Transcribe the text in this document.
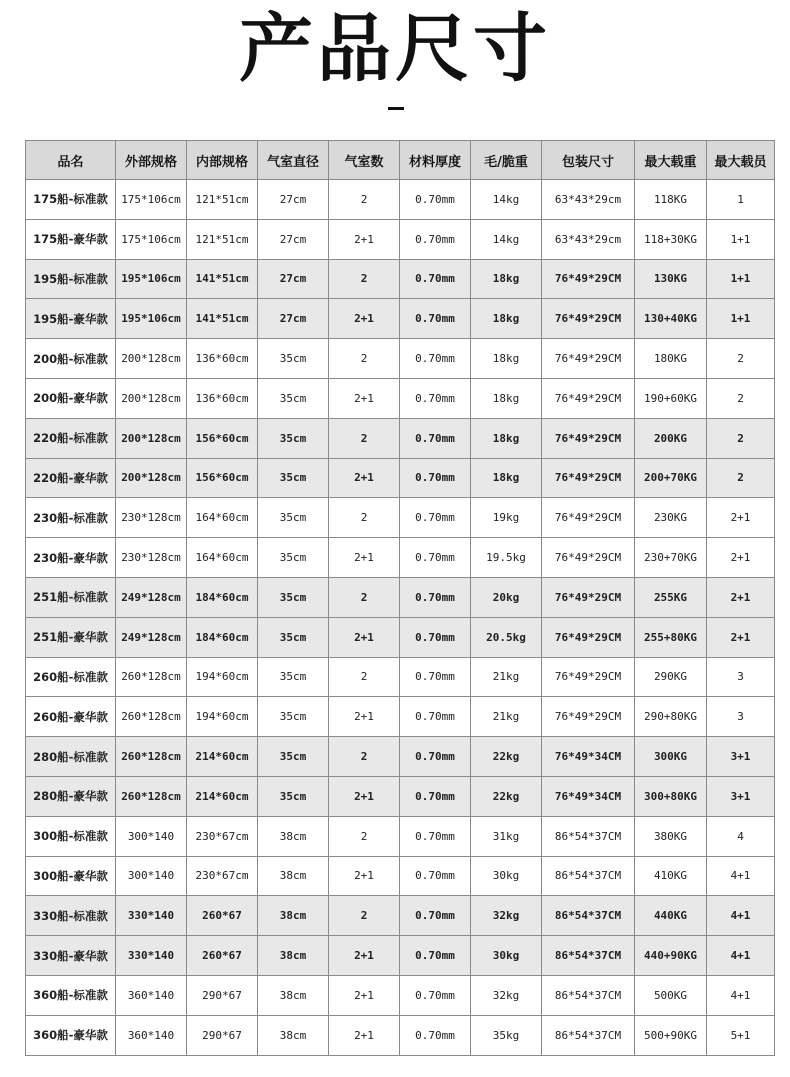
产品尺寸
品名	外部规格	内部规格	气室直径	气室数	材料厚度	毛/脆重	包装尺寸	最大载重	最大载员
175船-标准款	175*106cm	121*51cm	27cm	2	0.70mm	14kg	63*43*29cm	118KG	1
175船-豪华款	175*106cm	121*51cm	27cm	2+1	0.70mm	14kg	63*43*29cm	118+30KG	1+1
195船-标准款	195*106cm	141*51cm	27cm	2	0.70mm	18kg	76*49*29CM	130KG	1+1
195船-豪华款	195*106cm	141*51cm	27cm	2+1	0.70mm	18kg	76*49*29CM	130+40KG	1+1
200船-标准款	200*128cm	136*60cm	35cm	2	0.70mm	18kg	76*49*29CM	180KG	2
200船-豪华款	200*128cm	136*60cm	35cm	2+1	0.70mm	18kg	76*49*29CM	190+60KG	2
220船-标准款	200*128cm	156*60cm	35cm	2	0.70mm	18kg	76*49*29CM	200KG	2
220船-豪华款	200*128cm	156*60cm	35cm	2+1	0.70mm	18kg	76*49*29CM	200+70KG	2
230船-标准款	230*128cm	164*60cm	35cm	2	0.70mm	19kg	76*49*29CM	230KG	2+1
230船-豪华款	230*128cm	164*60cm	35cm	2+1	0.70mm	19.5kg	76*49*29CM	230+70KG	2+1
251船-标准款	249*128cm	184*60cm	35cm	2	0.70mm	20kg	76*49*29CM	255KG	2+1
251船-豪华款	249*128cm	184*60cm	35cm	2+1	0.70mm	20.5kg	76*49*29CM	255+80KG	2+1
260船-标准款	260*128cm	194*60cm	35cm	2	0.70mm	21kg	76*49*29CM	290KG	3
260船-豪华款	260*128cm	194*60cm	35cm	2+1	0.70mm	21kg	76*49*29CM	290+80KG	3
280船-标准款	260*128cm	214*60cm	35cm	2	0.70mm	22kg	76*49*34CM	300KG	3+1
280船-豪华款	260*128cm	214*60cm	35cm	2+1	0.70mm	22kg	76*49*34CM	300+80KG	3+1
300船-标准款	300*140	230*67cm	38cm	2	0.70mm	31kg	86*54*37CM	380KG	4
300船-豪华款	300*140	230*67cm	38cm	2+1	0.70mm	30kg	86*54*37CM	410KG	4+1
330船-标准款	330*140	260*67	38cm	2	0.70mm	32kg	86*54*37CM	440KG	4+1
330船-豪华款	330*140	260*67	38cm	2+1	0.70mm	30kg	86*54*37CM	440+90KG	4+1
360船-标准款	360*140	290*67	38cm	2+1	0.70mm	32kg	86*54*37CM	500KG	4+1
360船-豪华款	360*140	290*67	38cm	2+1	0.70mm	35kg	86*54*37CM	500+90KG	5+1
